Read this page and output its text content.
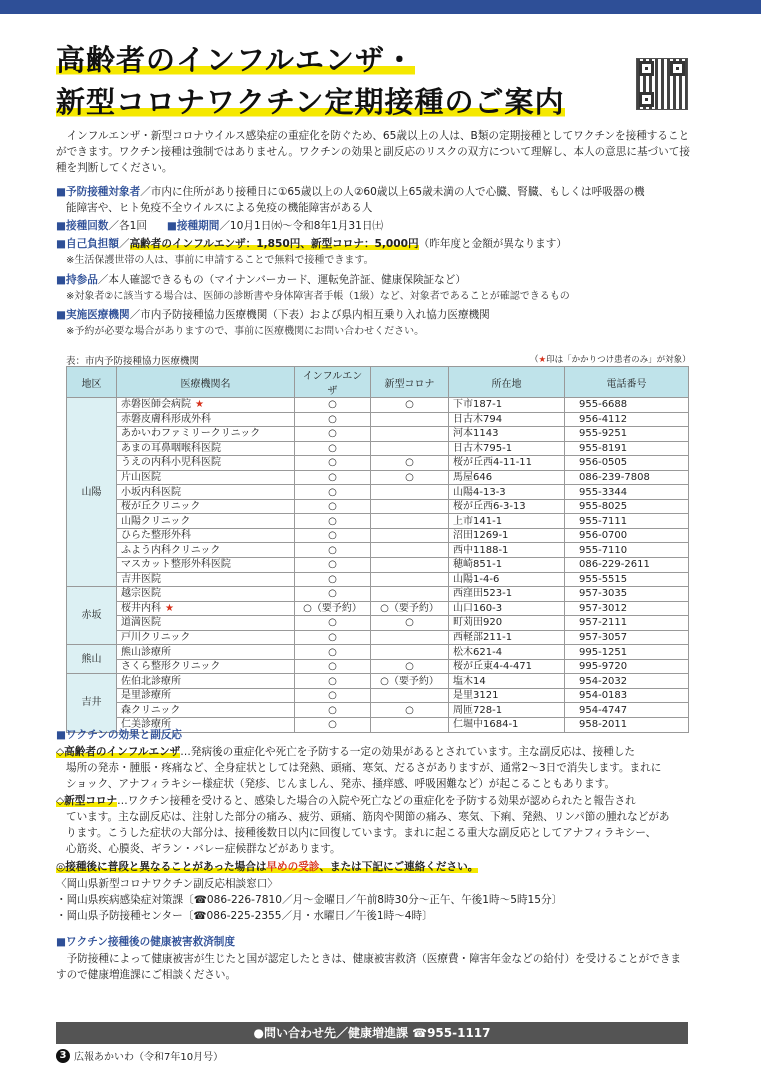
高齢者のインフルエンザ・
新型コロナワクチン定期接種のご案内
インフルエンザ・新型コロナウイルス感染症の重症化を防ぐため、65歳以上の人は、B類の定期接種としてワクチンを接種することができます。ワクチン接種は強制ではありません。ワクチンの効果と副反応のリスクの双方について理解し、本人の意思に基づいて接種を判断してください。
■予防接種対象者／市内に住所があり接種日に①65歳以上の人②60歳以上65歳未満の人で心臓、腎臓、もしくは呼吸器の機
能障害や、ヒト免疫不全ウイルスによる免疫の機能障害がある人
■接種回数／各1回 ■接種期間／10月1日㈬～令和8年1月31日㈯
■自己負担額／高齢者のインフルエンザ：1,850円、新型コロナ：5,000円（昨年度と金額が異なります）
※生活保護世帯の人は、事前に申請することで無料で接種できます。
■持参品／本人確認できるもの（マイナンバーカード、運転免許証、健康保険証など）
※対象者②に該当する場合は、医師の診断書や身体障害者手帳（1級）など、対象者であることが確認できるもの
■実施医療機関／市内予防接種協力医療機関（下表）および県内相互乗り入れ協力医療機関
※予約が必要な場合がありますので、事前に医療機関にお問い合わせください。
表：市内予防接種協力医療機関	（★印は「かかりつけ患者のみ」が対象）
地区	医療機関名	インフルエンザ	新型コロナ	所在地	電話番号
山陽	赤磐医師会病院 ★	○	○	下市187-1	955-6688
	赤磐皮膚科形成外科	○		日古木794	956-4112
	あかいわファミリークリニック	○		河本1143	955-9251
	あまの耳鼻咽喉科医院	○		日古木795-1	955-8191
	うえの内科小児科医院	○	○	桜が丘西4-11-11	956-0505
	片山医院	○	○	馬屋646	086-239-7808
	小坂内科医院	○		山陽4-13-3	955-3344
	桜が丘クリニック	○		桜が丘西6-3-13	955-8025
	山陽クリニック	○		上市141-1	955-7111
	ひらた整形外科	○		沼田1269-1	956-0700
	ふよう内科クリニック	○		西中1188-1	955-7110
	マスカット整形外科医院	○		穂崎851-1	086-229-2611
	吉井医院	○		山陽1-4-6	955-5515
赤坂	越宗医院	○		西窪田523-1	957-3035
	桜井内科 ★	○（要予約）	○（要予約）	山口160-3	957-3012
	道満医院	○	○	町苅田920	957-2111
	戸川クリニック	○		西軽部211-1	957-3057
熊山	熊山診療所	○		松木621-4	995-1251
	さくら整形クリニック	○	○	桜が丘東4-4-471	995-9720
吉井	佐伯北診療所	○	○（要予約）	塩木14	954-2032
	是里診療所	○		是里3121	954-0183
	森クリニック	○	○	周匝728-1	954-4747
	仁美診療所	○		仁堀中1684-1	958-2011
■ワクチンの効果と副反応
◇高齢者のインフルエンザ…発病後の重症化や死亡を予防する一定の効果があるとされています。主な副反応は、接種した
場所の発赤・腫脹・疼痛など、全身症状としては発熱、頭痛、寒気、だるさがありますが、通常2～3日で消失します。まれに
ショック、アナフィラキシー様症状（発疹、じんましん、発赤、掻痒感、呼吸困難など）が起こることもあります。
◇新型コロナ…ワクチン接種を受けると、感染した場合の入院や死亡などの重症化を予防する効果が認められたと報告され
ています。主な副反応は、注射した部分の痛み、疲労、頭痛、筋肉や関節の痛み、寒気、下痢、発熱、リンパ節の腫れなどがあ
ります。こうした症状の大部分は、接種後数日以内に回復しています。まれに起こる重大な副反応としてアナフィラキシー、
心筋炎、心膜炎、ギラン・バレー症候群などがあります。
◎接種後に普段と異なることがあった場合は早めの受診、または下記にご連絡ください。
〈岡山県新型コロナワクチン副反応相談窓口〉
・岡山県疾病感染症対策課〔☎086-226-7810／月～金曜日／午前8時30分～正午、午後1時～5時15分〕
・岡山県予防接種センター〔☎086-225-2355／月・水曜日／午後1時～4時〕
■ワクチン接種後の健康被害救済制度
予防接種によって健康被害が生じたと国が認定したときは、健康被害救済（医療費・障害年金などの給付）を受けることができますので健康増進課にご相談ください。
●問い合わせ先／健康増進課 ☎955-1117
3 広報あかいわ（令和7年10月号）
